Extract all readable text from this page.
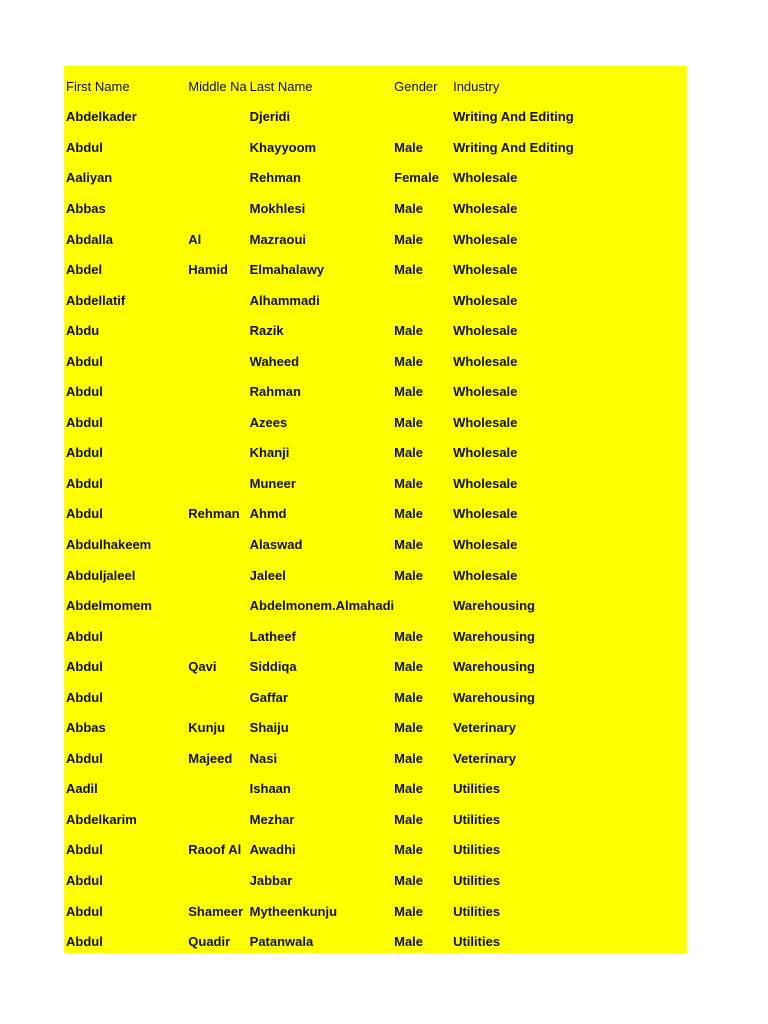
First Name	Middle Na	Last Name	Gender	Industry
Abdelkader		Djeridi		Writing And Editing
Abdul		Khayyoom	Male	Writing And Editing
Aaliyan		Rehman	Female	Wholesale
Abbas		Mokhlesi	Male	Wholesale
Abdalla	Al	Mazraoui	Male	Wholesale
Abdel	Hamid	Elmahalawy	Male	Wholesale
Abdellatif		Alhammadi		Wholesale
Abdu		Razik	Male	Wholesale
Abdul		Waheed	Male	Wholesale
Abdul		Rahman	Male	Wholesale
Abdul		Azees	Male	Wholesale
Abdul		Khanji	Male	Wholesale
Abdul		Muneer	Male	Wholesale
Abdul	Rehman	Ahmd	Male	Wholesale
Abdulhakeem		Alaswad	Male	Wholesale
Abduljaleel		Jaleel	Male	Wholesale
Abdelmomem		Abdelmonem.Almahadi		Warehousing
Abdul		Latheef	Male	Warehousing
Abdul	Qavi	Siddiqa	Male	Warehousing
Abdul		Gaffar	Male	Warehousing
Abbas	Kunju	Shaiju	Male	Veterinary
Abdul	Majeed	Nasi	Male	Veterinary
Aadil		Ishaan	Male	Utilities
Abdelkarim		Mezhar	Male	Utilities
Abdul	Raoof Al	Awadhi	Male	Utilities
Abdul		Jabbar	Male	Utilities
Abdul	Shameer	Mytheenkunju	Male	Utilities
Abdul	Quadir	Patanwala	Male	Utilities
